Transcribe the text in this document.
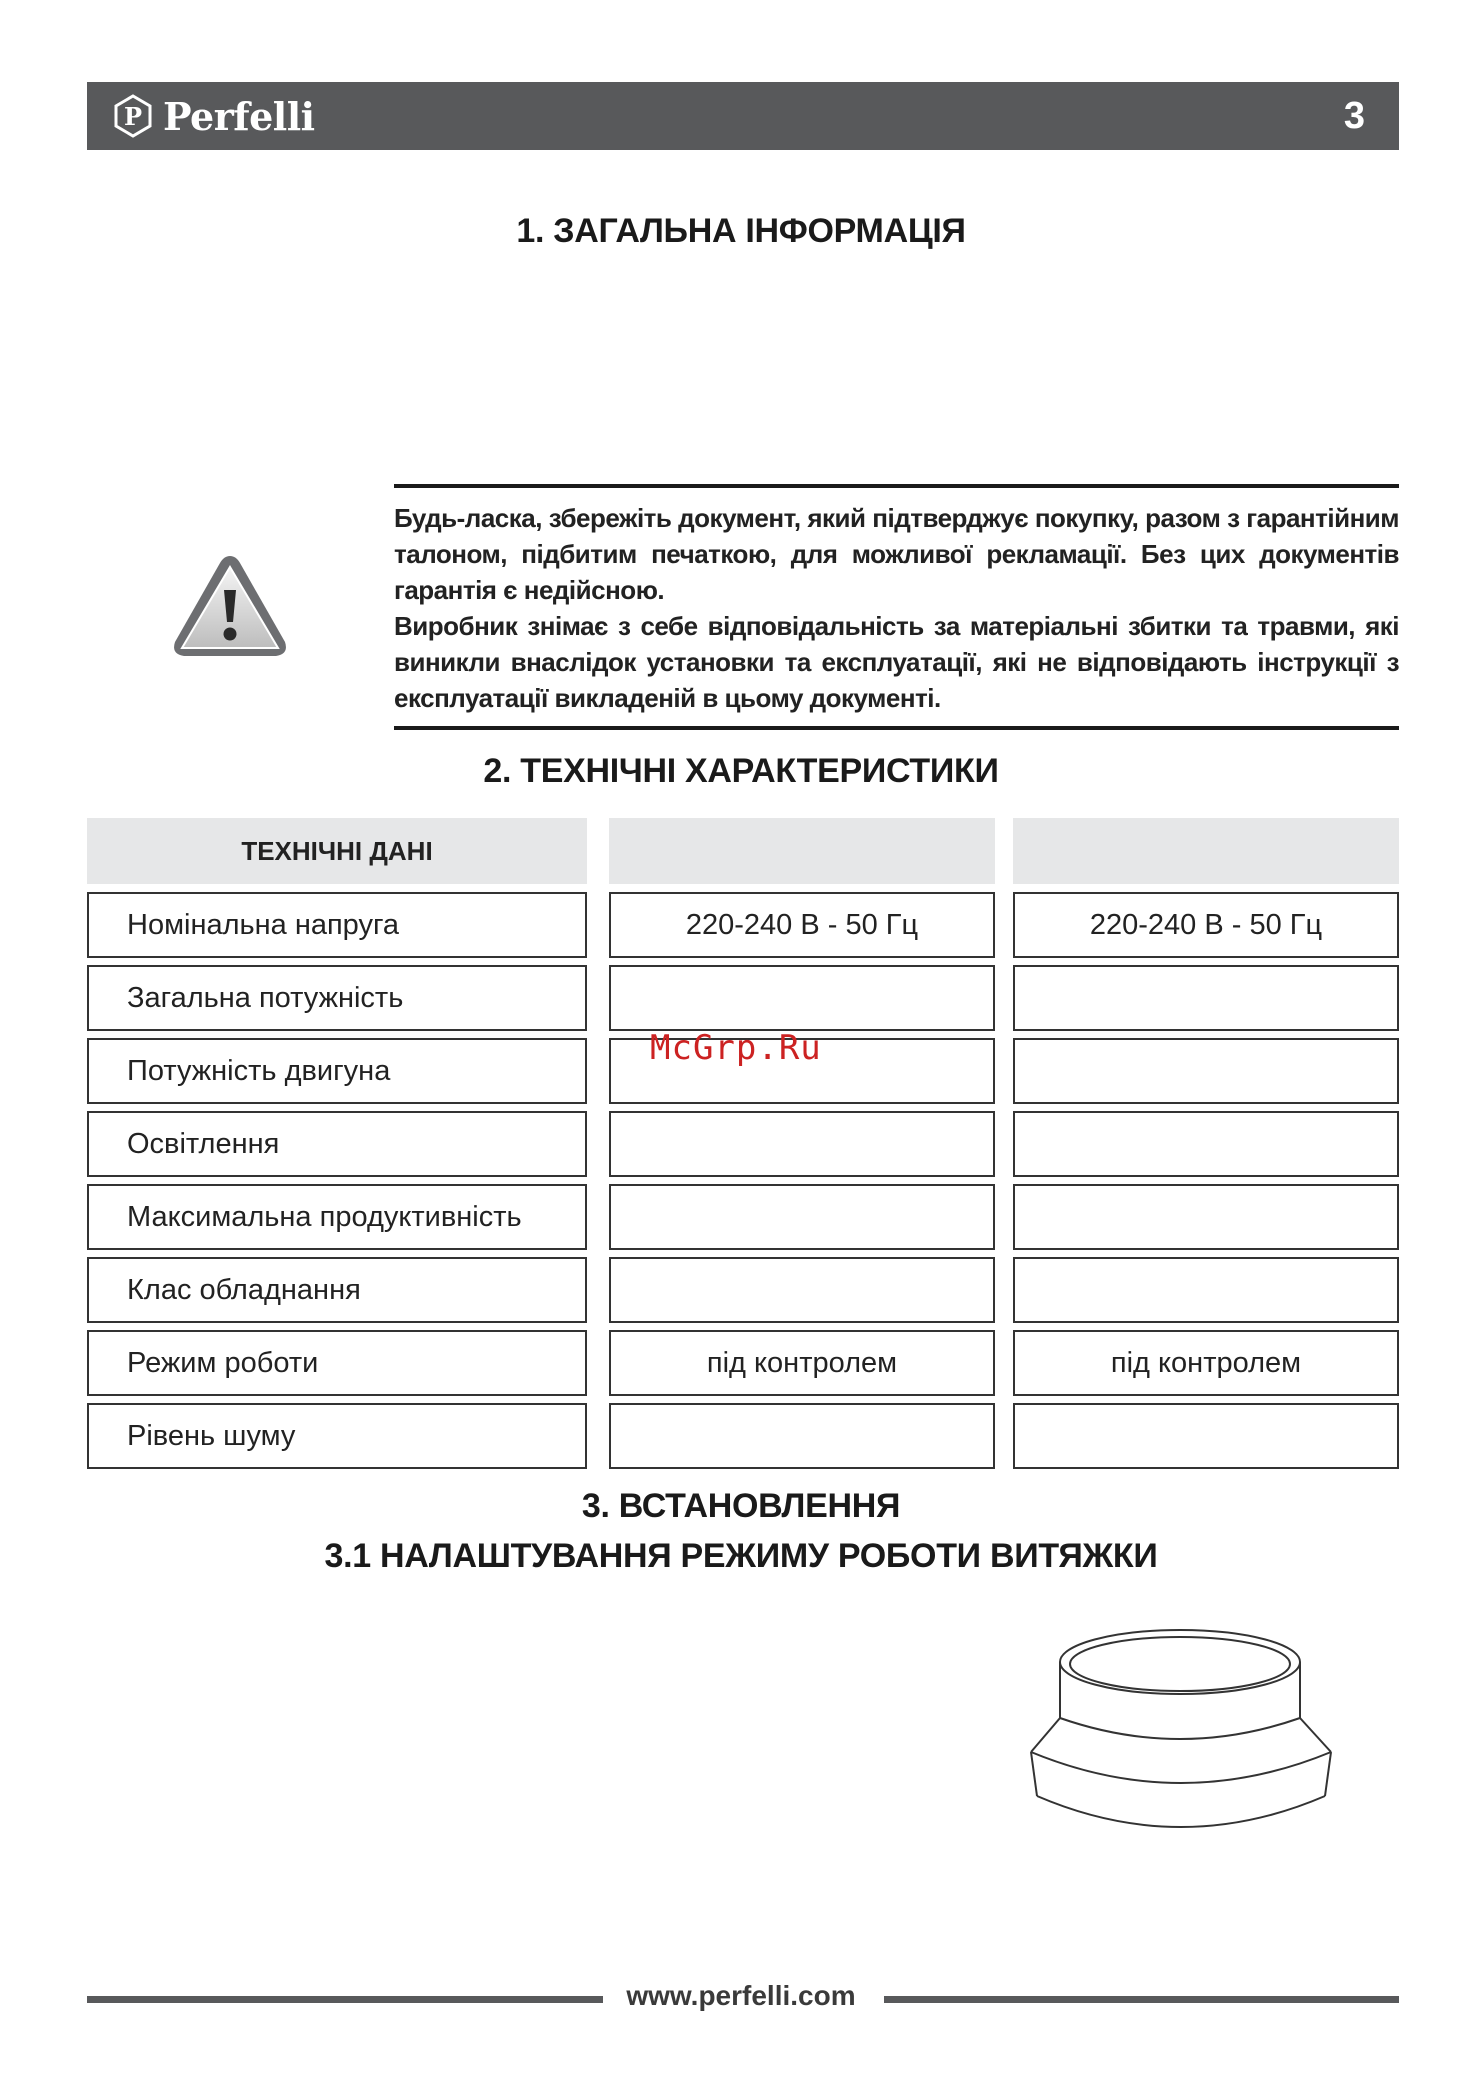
P Perfelli	3
1. ЗАГАЛЬНА ІНФОРМАЦІЯ

Будь-ласка, збережіть документ, який підтверджує покупку, разом з гарантійним талоном, підбитим печаткою, для можливої рекламації. Без цих документів гарантія є недійсною.

Виробник знімає з себе відповідальність за матеріальні збитки та травми, які виникли внаслідок установки та експлуатації, які не відповідають інструкції з експлуатації викладеній в цьому документі.

2. ТЕХНІЧНІ ХАРАКТЕРИСТИКИ
ТЕХНІЧНІ ДАНІ
Номінальна напруга	220-240 В - 50 Гц	220-240 В - 50 Гц
Загальна потужність
Потужність двигуна
Освітлення
Максимальна продуктивність
Клас обладнання
Режим роботи	під контролем	під контролем
Рівень шуму
McGrp.Ru
3. ВСТАНОВЛЕННЯ
3.1 НАЛАШТУВАННЯ РЕЖИМУ РОБОТИ ВИТЯЖКИ
www.perfelli.com
